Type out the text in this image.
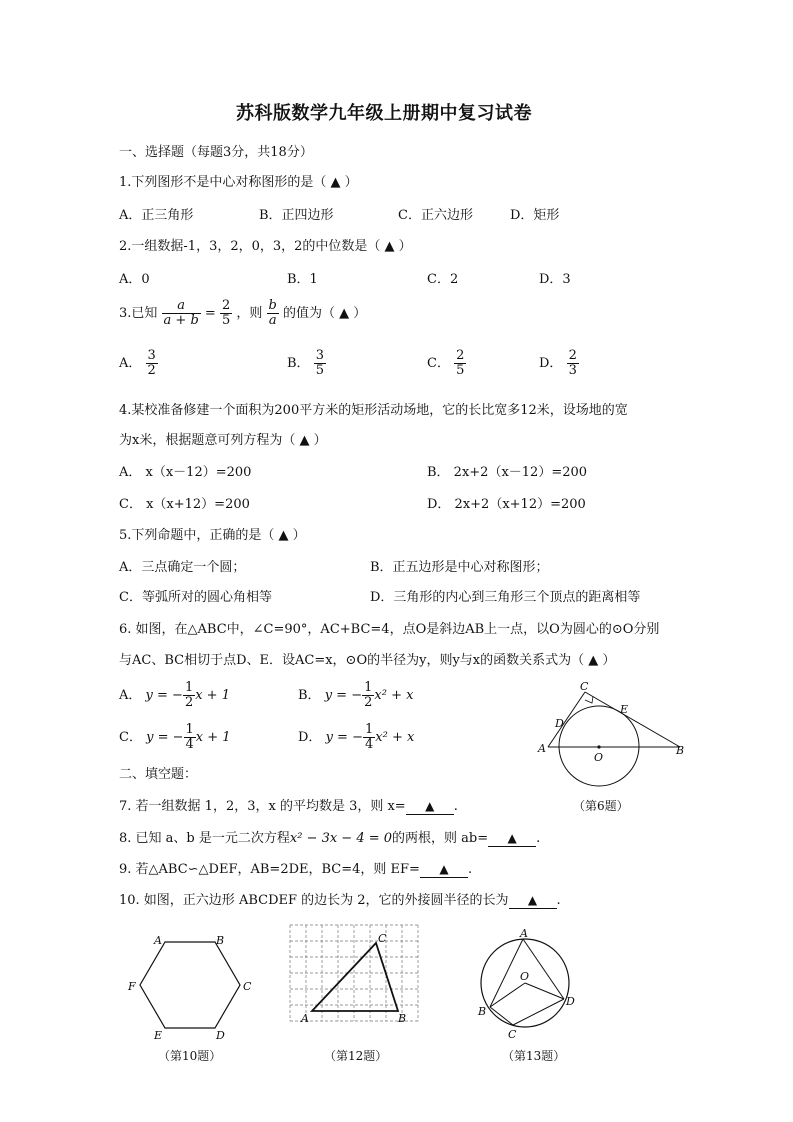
苏科版数学九年级上册期中复习试卷
一、选择题（每题3分，共18分）
1.下列图形不是中心对称图形的是（ ▲ ）
A．正三角形	B．正四边形	C．正六边形	D．矩形
2.一组数据-1，3，2，0，3，2的中位数是（ ▲ ）
A．0	B．1	C．2	D．3
3.已知 $\frac{a}{a + b} = \frac{2}{5}$ ，则 $\frac{b}{a}$ 的值为（ ▲ ）
A． $\frac{3}{2}$	B． $\frac{3}{5}$	C． $\frac{2}{5}$	D． $\frac{2}{3}$
4.某校准备修建一个面积为200平方米的矩形活动场地，它的长比宽多12米，设场地的宽
为x米，根据题意可列方程为（ ▲ ）
A． x（x－12）=200	B． 2x+2（x－12）=200
C． x（x+12）=200	D． 2x+2（x+12）=200
5.下列命题中，正确的是（ ▲ ）
A．三点确定一个圆；	B．正五边形是中心对称图形；
C．等弧所对的圆心角相等	D．三角形的内心到三角形三个顶点的距离相等
6. 如图，在△ABC中，∠C=90°，AC+BC=4，点O是斜边AB上一点，以O为圆心的⊙O分别
与AC、BC相切于点D、E．设AC=x，⊙O的半径为y，则y与x的函数关系式为（ ▲ ）
A． y = − $\frac{1}{2}$ x + 1	B． y = − $\frac{1}{2} x^2 + x$
C． y = − $\frac{1}{4}$ x + 1	D． y = − $\frac{1}{4} x^2 + x$
A	B
C
D
E
O
（第6题）
二、填空题：
7. 若一组数据 1，2，3，x 的平均数是 3，则 x= ▲ .
8. 已知 a、b 是一元二次方程x² − 3x − 4 = 0的两根，则 ab= ▲ .
9. 若△ABC∽△DEF，AB=2DE，BC=4，则 EF= ▲ .
10. 如图，正六边形 ABCDEF 的边长为 2，它的外接圆半径的长为 ▲ .
A	B
C
D
E
F
（第10题）
A	B
C
（第12题）
A
B
C
D
O
（第13题）
